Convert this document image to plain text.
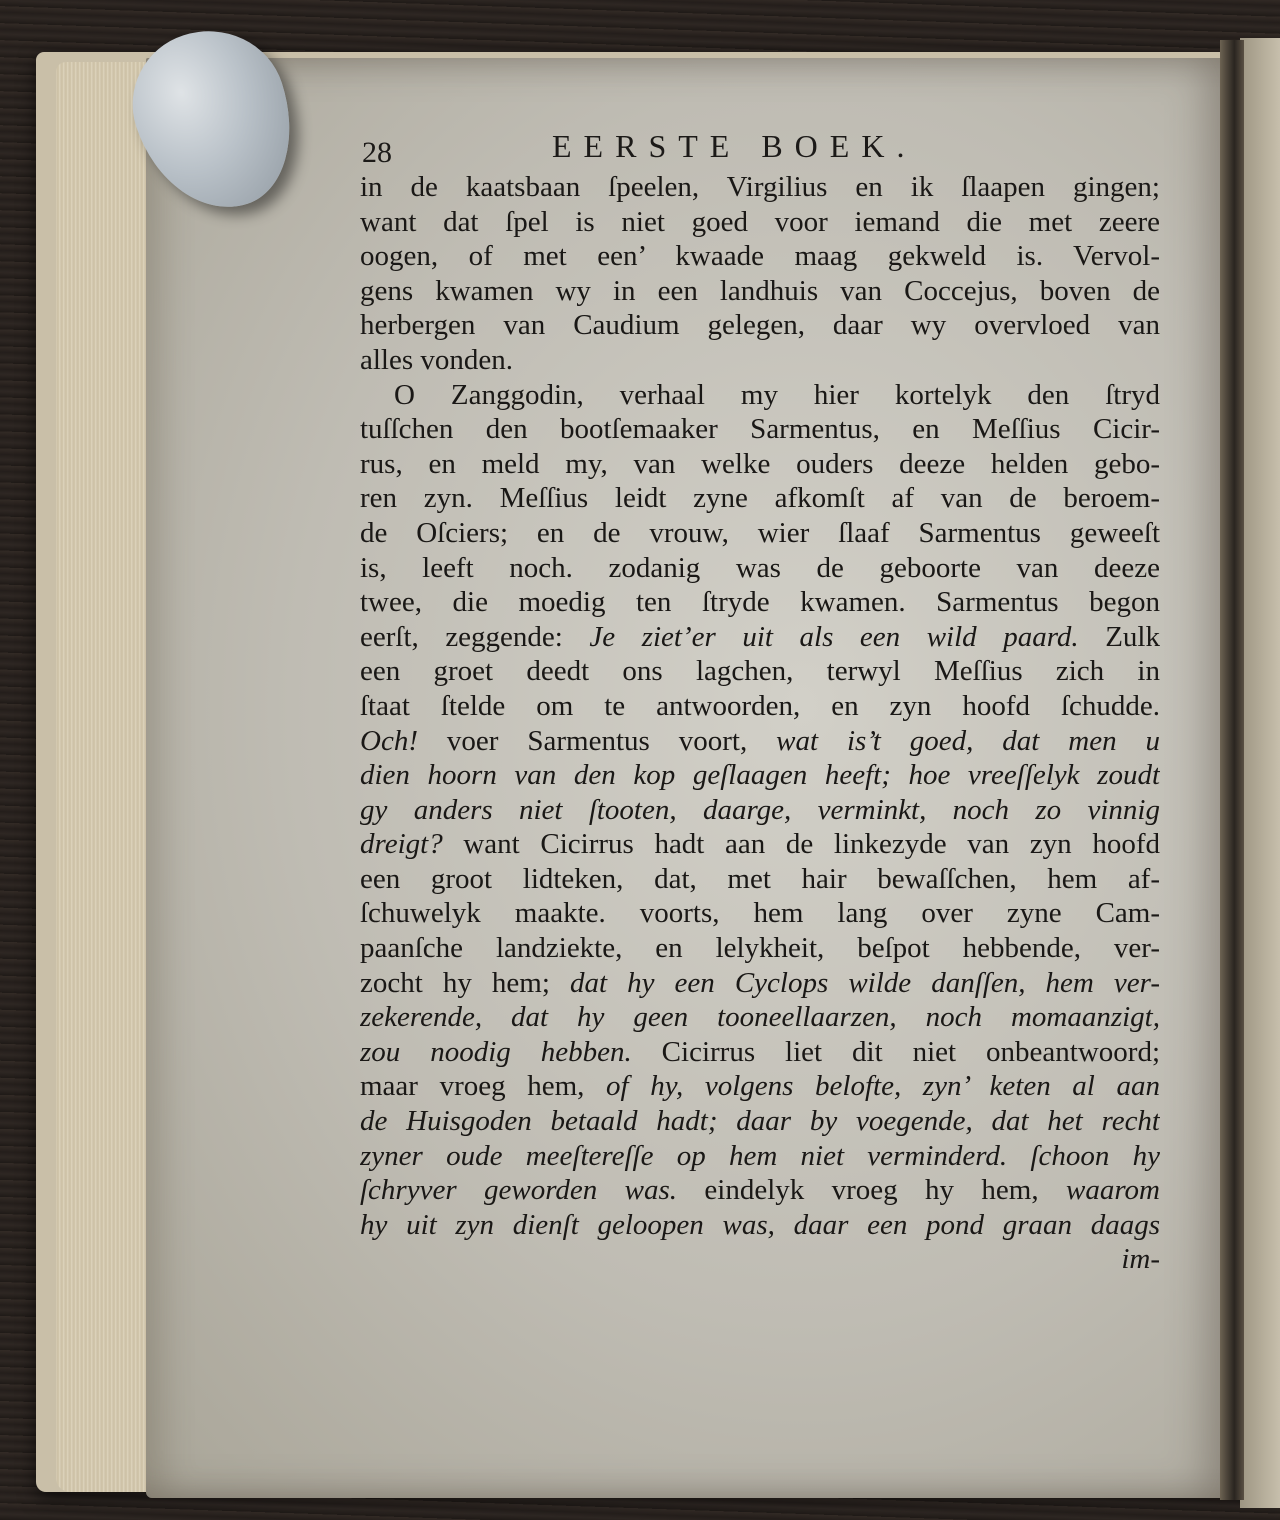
28	EERSTE BOEK.
in de kaatsbaan ſpeelen, Virgilius en ik ſlaapen gingen;
want dat ſpel is niet goed voor iemand die met zeere
oogen, of met een’ kwaade maag gekweld is. Vervol-
gens kwamen wy in een landhuis van Coccejus, boven de
herbergen van Caudium gelegen, daar wy overvloed van
alles vonden.
O Zanggodin, verhaal my hier kortelyk den ſtryd
tuſſchen den bootſemaaker Sarmentus, en Meſſius Cicir-
rus, en meld my, van welke ouders deeze helden gebo-
ren zyn. Meſſius leidt zyne afkomſt af van de beroem-
de Oſciers; en de vrouw, wier ſlaaf Sarmentus geweeſt
is, leeft noch. zodanig was de geboorte van deeze
twee, die moedig ten ſtryde kwamen. Sarmentus begon
eerſt, zeggende: Je ziet’er uit als een wild paard. Zulk
een groet deedt ons lagchen, terwyl Meſſius zich in
ſtaat ſtelde om te antwoorden, en zyn hoofd ſchudde.
Och! voer Sarmentus voort, wat is’t goed, dat men u
dien hoorn van den kop geſlaagen heeft; hoe vreeſſelyk zoudt
gy anders niet ſtooten, daarge, verminkt, noch zo vinnig
dreigt? want Cicirrus hadt aan de linkezyde van zyn hoofd
een groot lidteken, dat, met hair bewaſſchen, hem af-
ſchuwelyk maakte. voorts, hem lang over zyne Cam-
paanſche landziekte, en lelykheit, beſpot hebbende, ver-
zocht hy hem; dat hy een Cyclops wilde danſſen, hem ver-
zekerende, dat hy geen tooneellaarzen, noch momaanzigt,
zou noodig hebben. Cicirrus liet dit niet onbeantwoord;
maar vroeg hem, of hy, volgens belofte, zyn’ keten al aan
de Huisgoden betaald hadt; daar by voegende, dat het recht
zyner oude meeſtereſſe op hem niet verminderd. ſchoon hy
ſchryver geworden was. eindelyk vroeg hy hem, waarom
hy uit zyn dienſt geloopen was, daar een pond graan daags
im-
